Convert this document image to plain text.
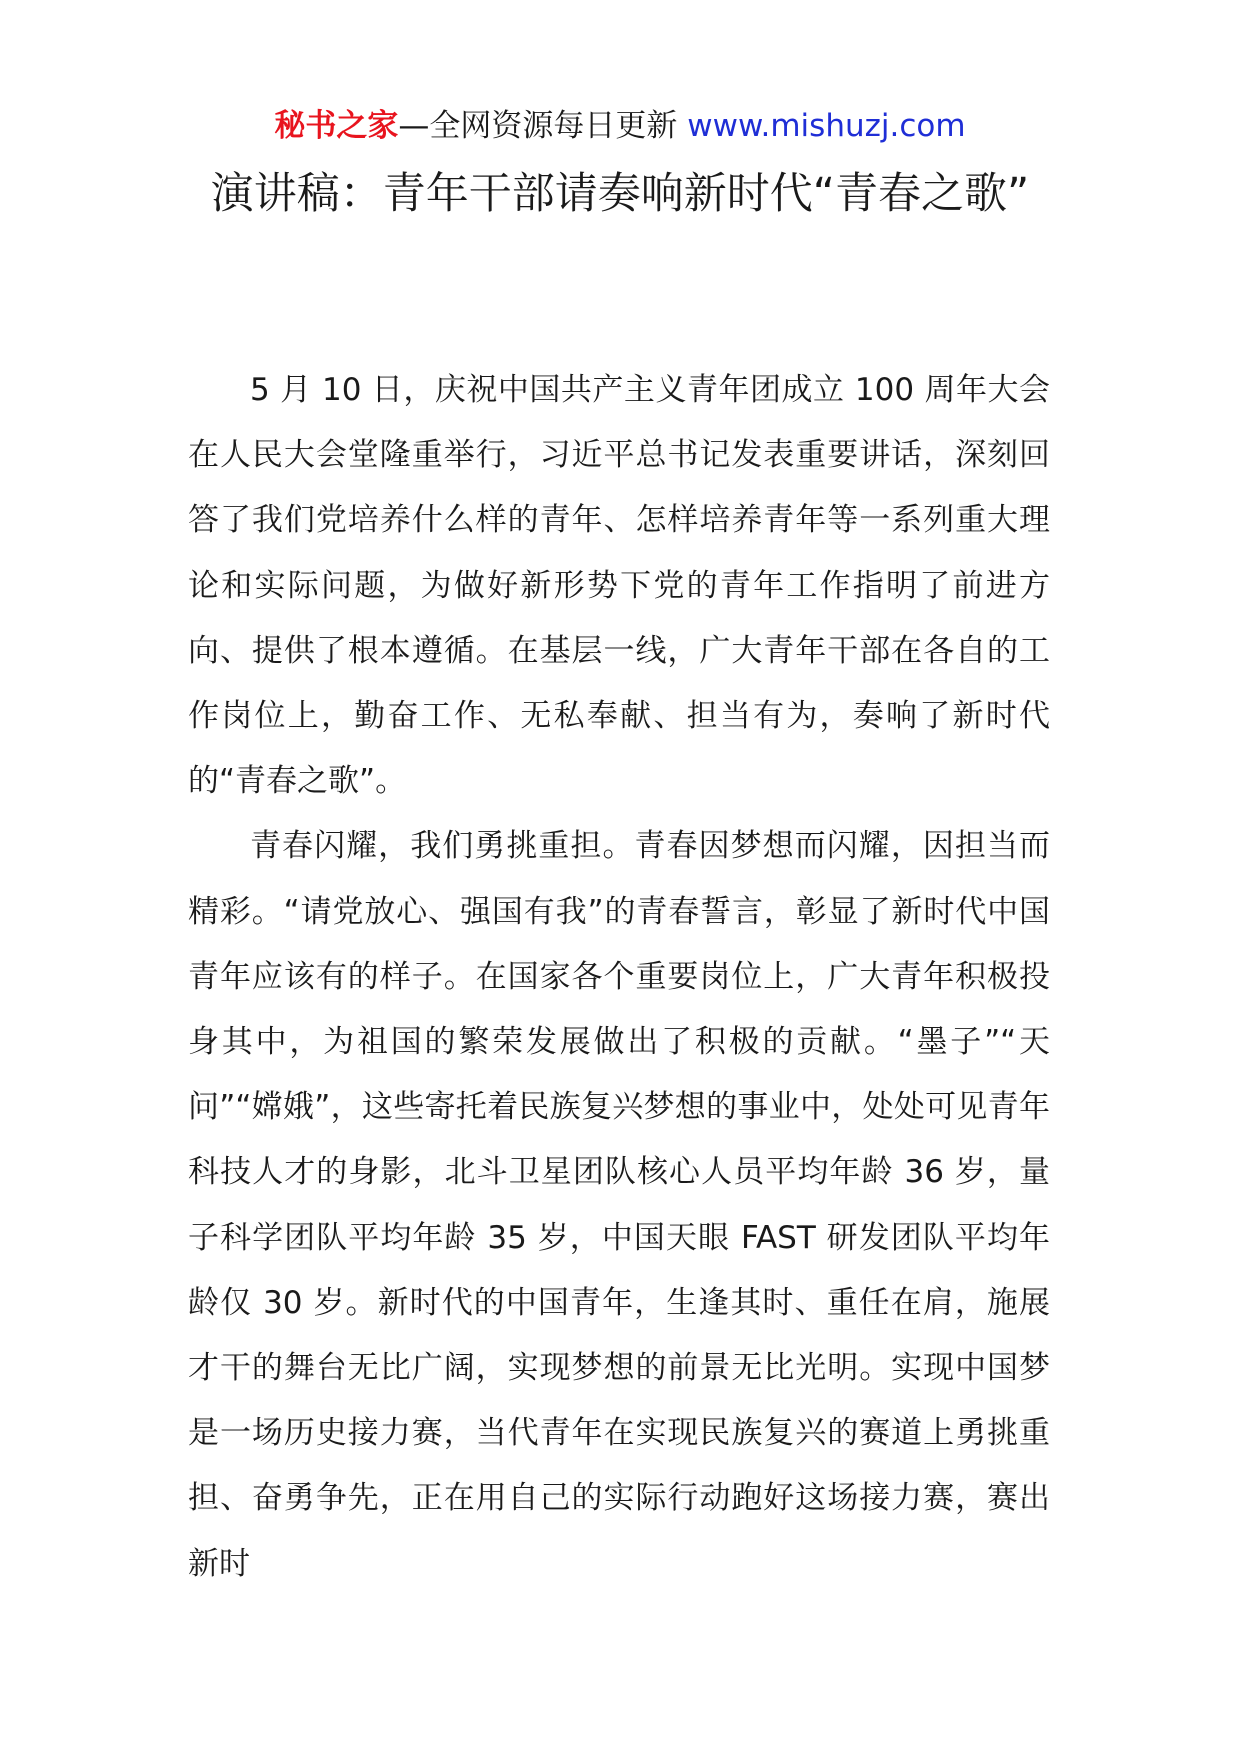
秘书之家—全网资源每日更新 www.mishuzj.com
演讲稿：青年干部请奏响新时代“青春之歌”

5 月 10 日，庆祝中国共产主义青年团成立 100 周年大会在人民大会堂隆重举行，习近平总书记发表重要讲话，深刻回答了我们党培养什么样的青年、怎样培养青年等一系列重大理论和实际问题，为做好新形势下党的青年工作指明了前进方向、提供了根本遵循。在基层一线，广大青年干部在各自的工作岗位上，勤奋工作、无私奉献、担当有为，奏响了新时代的“青春之歌”。

青春闪耀，我们勇挑重担。青春因梦想而闪耀，因担当而精彩。“请党放心、强国有我”的青春誓言，彰显了新时代中国青年应该有的样子。在国家各个重要岗位上，广大青年积极投身其中，为祖国的繁荣发展做出了积极的贡献。“墨子”“天问”“嫦娥”，这些寄托着民族复兴梦想的事业中，处处可见青年科技人才的身影，北斗卫星团队核心人员平均年龄 36 岁，量子科学团队平均年龄 35 岁，中国天眼 FAST 研发团队平均年龄仅 30 岁。新时代的中国青年，生逢其时、重任在肩，施展才干的舞台无比广阔，实现梦想的前景无比光明。实现中国梦是一场历史接力赛，当代青年在实现民族复兴的赛道上勇挑重担、奋勇争先，正在用自己的实际行动跑好这场接力赛，赛出新时
